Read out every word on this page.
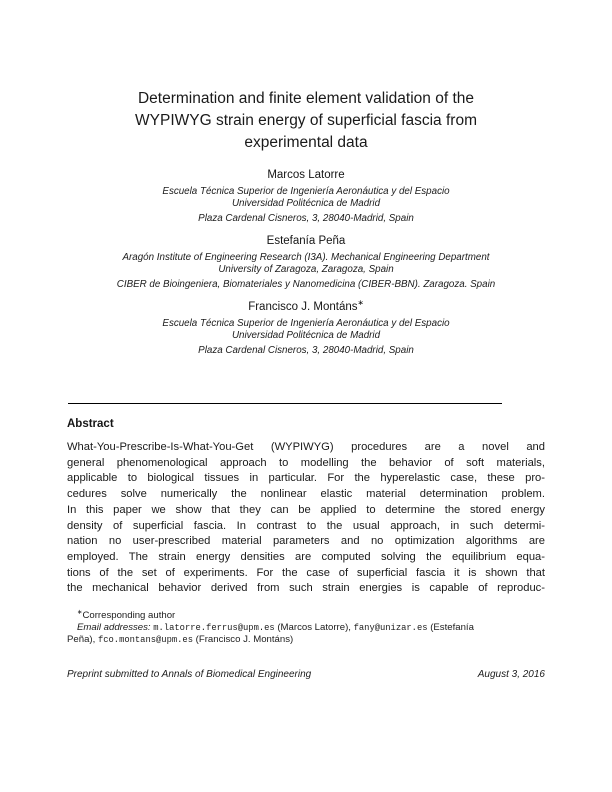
Determination and finite element validation of the
WYPIWYG strain energy of superficial fascia from
experimental data
Marcos Latorre
Escuela Técnica Superior de Ingeniería Aeronáutica y del Espacio
Universidad Politécnica de Madrid
Plaza Cardenal Cisneros, 3, 28040-Madrid, Spain
Estefanía Peña
Aragón Institute of Engineering Research (I3A). Mechanical Engineering Department
University of Zaragoza, Zaragoza, Spain
CIBER de Bioingeniera, Biomateriales y Nanomedicina (CIBER-BBN). Zaragoza. Spain
Francisco J. Montáns∗
Escuela Técnica Superior de Ingeniería Aeronáutica y del Espacio
Universidad Politécnica de Madrid
Plaza Cardenal Cisneros, 3, 28040-Madrid, Spain
Abstract
What-You-Prescribe-Is-What-You-Get (WYPIWYG) procedures are a novel and
general phenomenological approach to modelling the behavior of soft materials,
applicable to biological tissues in particular. For the hyperelastic case, these pro-
cedures solve numerically the nonlinear elastic material determination problem.
In this paper we show that they can be applied to determine the stored energy
density of superficial fascia. In contrast to the usual approach, in such determi-
nation no user-prescribed material parameters and no optimization algorithms are
employed. The strain energy densities are computed solving the equilibrium equa-
tions of the set of experiments. For the case of superficial fascia it is shown that
the mechanical behavior derived from such strain energies is capable of reproduc-
∗Corresponding author
Email addresses: m.latorre.ferrus@upm.es (Marcos Latorre), fany@unizar.es (Estefanía
Peña), fco.montans@upm.es (Francisco J. Montáns)
Preprint submitted to Annals of Biomedical Engineering	August 3, 2016
